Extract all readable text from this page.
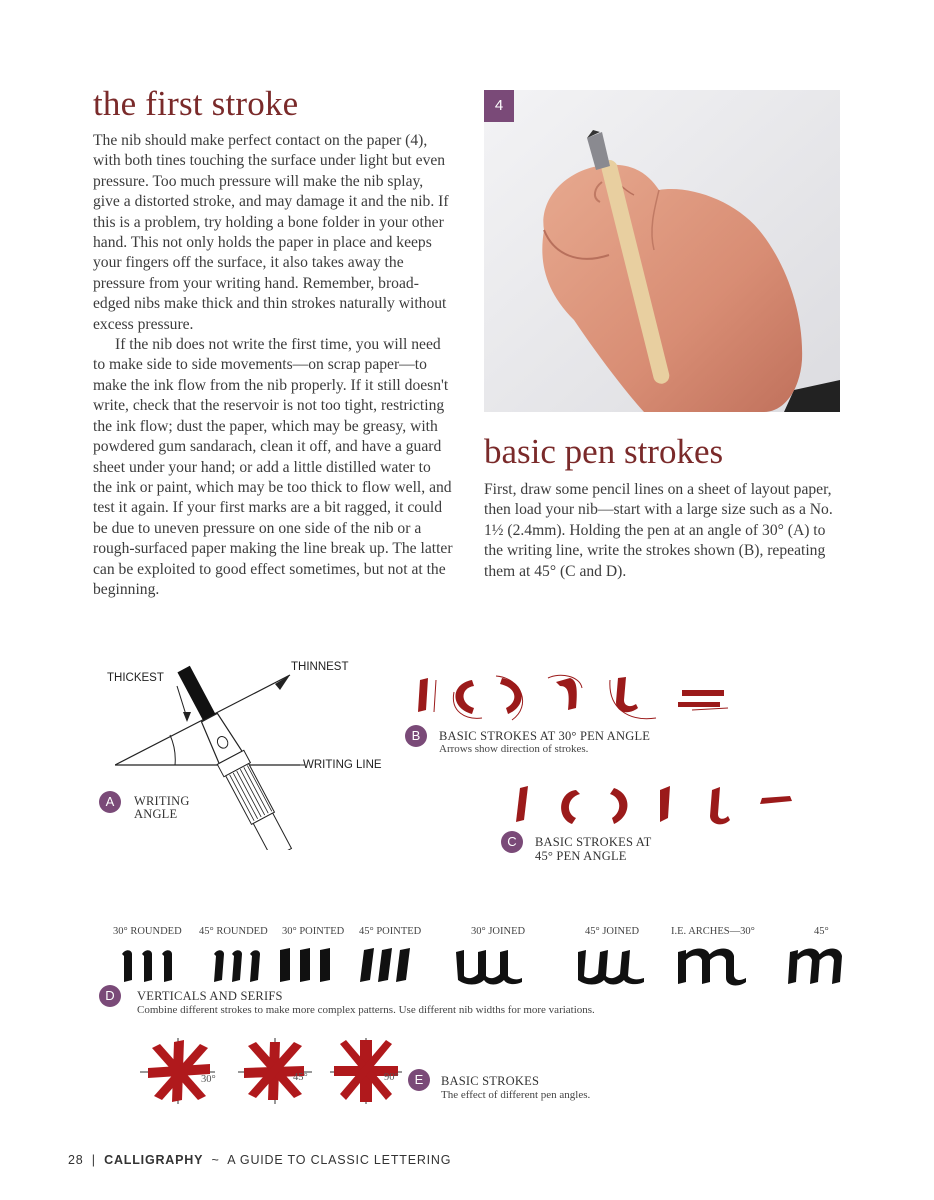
the first stroke

The nib should make perfect contact on the paper (4), with both tines touching the surface under light but even pressure. Too much pressure will make the nib splay, give a distorted stroke, and may damage it and the nib. If this is a problem, try holding a bone folder in your other hand. This not only holds the paper in place and keeps your fingers off the surface, it also takes away the pressure from your writing hand. Remember, broad-edged nibs make thick and thin strokes naturally without excess pressure.

If the nib does not write the first time, you will need to make side to side movements—on scrap paper—to make the ink flow from the nib properly. If it still doesn't write, check that the reservoir is not too tight, restricting the ink flow; dust the paper, which may be greasy, with powdered gum sandarach, clean it off, and have a guard sheet under your hand; or add a little distilled water to the ink or paint, which may be too thick to flow well, and test it again. If your first marks are a bit ragged, it could be due to uneven pressure on one side of the nib or a rough-surfaced paper making the line break up. The latter can be exploited to good effect sometimes, but not at the beginning.

4
basic pen strokes

First, draw some pencil lines on a sheet of layout paper, then load your nib—start with a large size such as a No. 1½ (2.4mm). Holding the pen at an angle of 30° (A) to the writing line, write the strokes shown (B), repeating them at 45° (C and D).

THICKEST
THINNEST
WRITING LINE
A	WRITING
ANGLE
B	BASIC STROKES AT 30° PEN ANGLE
Arrows show direction of strokes.
C	BASIC STROKES AT
45° PEN ANGLE
30° ROUNDED 45° ROUNDED 30° POINTED 45° POINTED	30° JOINED	45° JOINED	I.E. ARCHES—30°	45°
D	VERTICALS AND SERIFS
Combine different strokes to make more complex patterns. Use different nib widths for more variations.
30°	45°	90°	E	BASIC STROKES
The effect of different pen angles.
28 | CALLIGRAPHY ~ A GUIDE TO CLASSIC LETTERING
